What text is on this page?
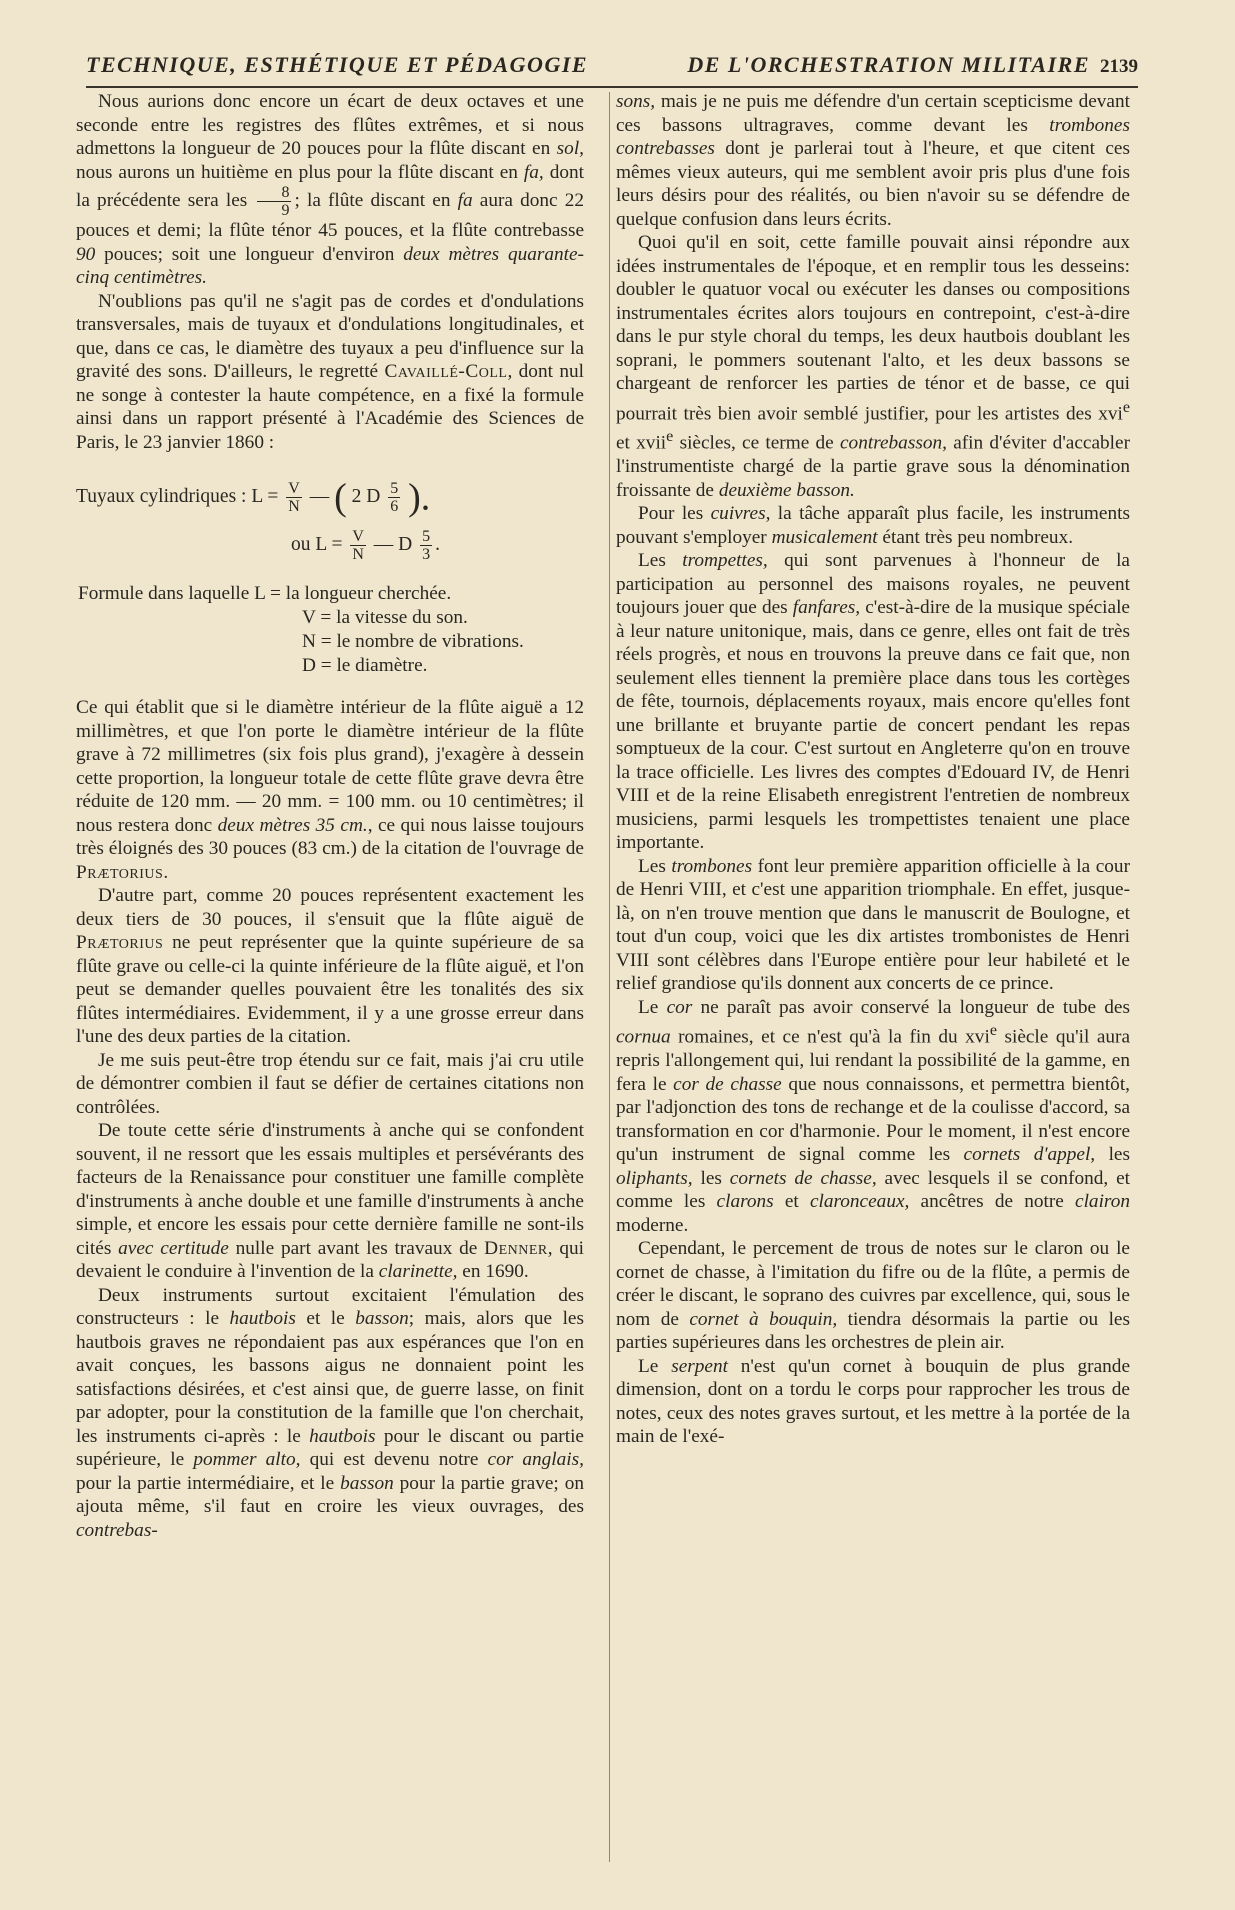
TECHNIQUE, ESTHÉTIQUE ET PÉDAGOGIE	DE L'ORCHESTRATION MILITAIRE 2139

Nous aurions donc encore un écart de deux octaves et une seconde entre les registres des flûtes extrêmes, et si nous admettons la longueur de 20 pouces pour la flûte discant en sol, nous aurons un huitième en plus pour la flûte discant en fa, dont la précédente sera les $\frac{8}{9}$ ; la flûte discant en fa aura donc 22 pouces et demi; la flûte ténor 45 pouces, et la flûte contrebasse 90 pouces; soit une longueur d'environ deux mètres quarante-cinq centimètres.

N'oublions pas qu'il ne s'agit pas de cordes et d'ondulations transversales, mais de tuyaux et d'ondulations longitudinales, et que, dans ce cas, le diamètre des tuyaux a peu d'influence sur la gravité des sons. D'ailleurs, le regretté Cavaillé-Coll, dont nul ne songe à contester la haute compétence, en a fixé la formule ainsi dans un rapport présenté à l'Académie des Sciences de Paris, le 23 janvier 1860 :

Tuyaux cylindriques : $L = \frac{V}{N}$ — ( 2 D $\frac{5}{6}$ ).
ou $L = \frac{V}{N}$ — D $\frac{5}{3}$ .
Formule dans laquelle L = la longueur cherchée.
V = la vitesse du son.
N = le nombre de vibrations.
D = le diamètre.

Ce qui établit que si le diamètre intérieur de la flûte aiguë a 12 millimètres, et que l'on porte le diamètre intérieur de la flûte grave à 72 millimetres (six fois plus grand), j'exagère à dessein cette proportion, la longueur totale de cette flûte grave devra être réduite de 120 mm. — 20 mm. = 100 mm. ou 10 centimètres; il nous restera donc deux mètres 35 cm., ce qui nous laisse toujours très éloignés des 30 pouces (83 cm.) de la citation de l'ouvrage de Prætorius.

D'autre part, comme 20 pouces représentent exactement les deux tiers de 30 pouces, il s'ensuit que la flûte aiguë de Prætorius ne peut représenter que la quinte supérieure de sa flûte grave ou celle-ci la quinte inférieure de la flûte aiguë, et l'on peut se demander quelles pouvaient être les tonalités des six flûtes intermédiaires. Evidemment, il y a une grosse erreur dans l'une des deux parties de la citation.

Je me suis peut-être trop étendu sur ce fait, mais j'ai cru utile de démontrer combien il faut se défier de certaines citations non contrôlées.

De toute cette série d'instruments à anche qui se confondent souvent, il ne ressort que les essais multiples et persévérants des facteurs de la Renaissance pour constituer une famille complète d'instruments à anche double et une famille d'instruments à anche simple, et encore les essais pour cette dernière famille ne sont-ils cités avec certitude nulle part avant les travaux de Denner, qui devaient le conduire à l'invention de la clarinette, en 1690.

Deux instruments surtout excitaient l'émulation des constructeurs : le hautbois et le basson; mais, alors que les hautbois graves ne répondaient pas aux espérances que l'on en avait conçues, les bassons aigus ne donnaient point les satisfactions désirées, et c'est ainsi que, de guerre lasse, on finit par adopter, pour la constitution de la famille que l'on cherchait, les instruments ci-après : le hautbois pour le discant ou partie supérieure, le pommer alto, qui est devenu notre cor anglais, pour la partie intermédiaire, et le basson pour la partie grave; on ajouta même, s'il faut en croire les vieux ouvrages, des contrebas-

sons, mais je ne puis me défendre d'un certain scepticisme devant ces bassons ultragraves, comme devant les trombones contrebasses dont je parlerai tout à l'heure, et que citent ces mêmes vieux auteurs, qui me semblent avoir pris plus d'une fois leurs désirs pour des réalités, ou bien n'avoir su se défendre de quelque confusion dans leurs écrits.

Quoi qu'il en soit, cette famille pouvait ainsi répondre aux idées instrumentales de l'époque, et en remplir tous les desseins: doubler le quatuor vocal ou exécuter les danses ou compositions instrumentales écrites alors toujours en contrepoint, c'est-à-dire dans le pur style choral du temps, les deux hautbois doublant les soprani, le pommers soutenant l'alto, et les deux bassons se chargeant de renforcer les parties de ténor et de basse, ce qui pourrait très bien avoir semblé justifier, pour les artistes des xvi$^e$ et xvii$^e$ siècles, ce terme de contrebasson, afin d'éviter d'accabler l'instrumentiste chargé de la partie grave sous la dénomination froissante de deuxième basson.

Pour les cuivres, la tâche apparaît plus facile, les instruments pouvant s'employer musicalement étant très peu nombreux.

Les trompettes, qui sont parvenues à l'honneur de la participation au personnel des maisons royales, ne peuvent toujours jouer que des fanfares, c'est-à-dire de la musique spéciale à leur nature unitonique, mais, dans ce genre, elles ont fait de très réels progrès, et nous en trouvons la preuve dans ce fait que, non seulement elles tiennent la première place dans tous les cortèges de fête, tournois, déplacements royaux, mais encore qu'elles font une brillante et bruyante partie de concert pendant les repas somptueux de la cour. C'est surtout en Angleterre qu'on en trouve la trace officielle. Les livres des comptes d'Edouard IV, de Henri VIII et de la reine Elisabeth enregistrent l'entretien de nombreux musiciens, parmi lesquels les trompettistes tenaient une place importante.

Les trombones font leur première apparition officielle à la cour de Henri VIII, et c'est une apparition triomphale. En effet, jusque-là, on n'en trouve mention que dans le manuscrit de Boulogne, et tout d'un coup, voici que les dix artistes trombonistes de Henri VIII sont célèbres dans l'Europe entière pour leur habileté et le relief grandiose qu'ils donnent aux concerts de ce prince.

Le cor ne paraît pas avoir conservé la longueur de tube des cornua romaines, et ce n'est qu'à la fin du xvi$^e$ siècle qu'il aura repris l'allongement qui, lui rendant la possibilité de la gamme, en fera le cor de chasse que nous connaissons, et permettra bientôt, par l'adjonction des tons de rechange et de la coulisse d'accord, sa transformation en cor d'harmonie. Pour le moment, il n'est encore qu'un instrument de signal comme les cornets d'appel, les oliphants, les cornets de chasse, avec lesquels il se confond, et comme les clarons et claronceaux, ancêtres de notre clairon moderne.

Cependant, le percement de trous de notes sur le claron ou le cornet de chasse, à l'imitation du fifre ou de la flûte, a permis de créer le discant, le soprano des cuivres par excellence, qui, sous le nom de cornet à bouquin, tiendra désormais la partie ou les parties supérieures dans les orchestres de plein air.

Le serpent n'est qu'un cornet à bouquin de plus grande dimension, dont on a tordu le corps pour rapprocher les trous de notes, ceux des notes graves surtout, et les mettre à la portée de la main de l'exé-
